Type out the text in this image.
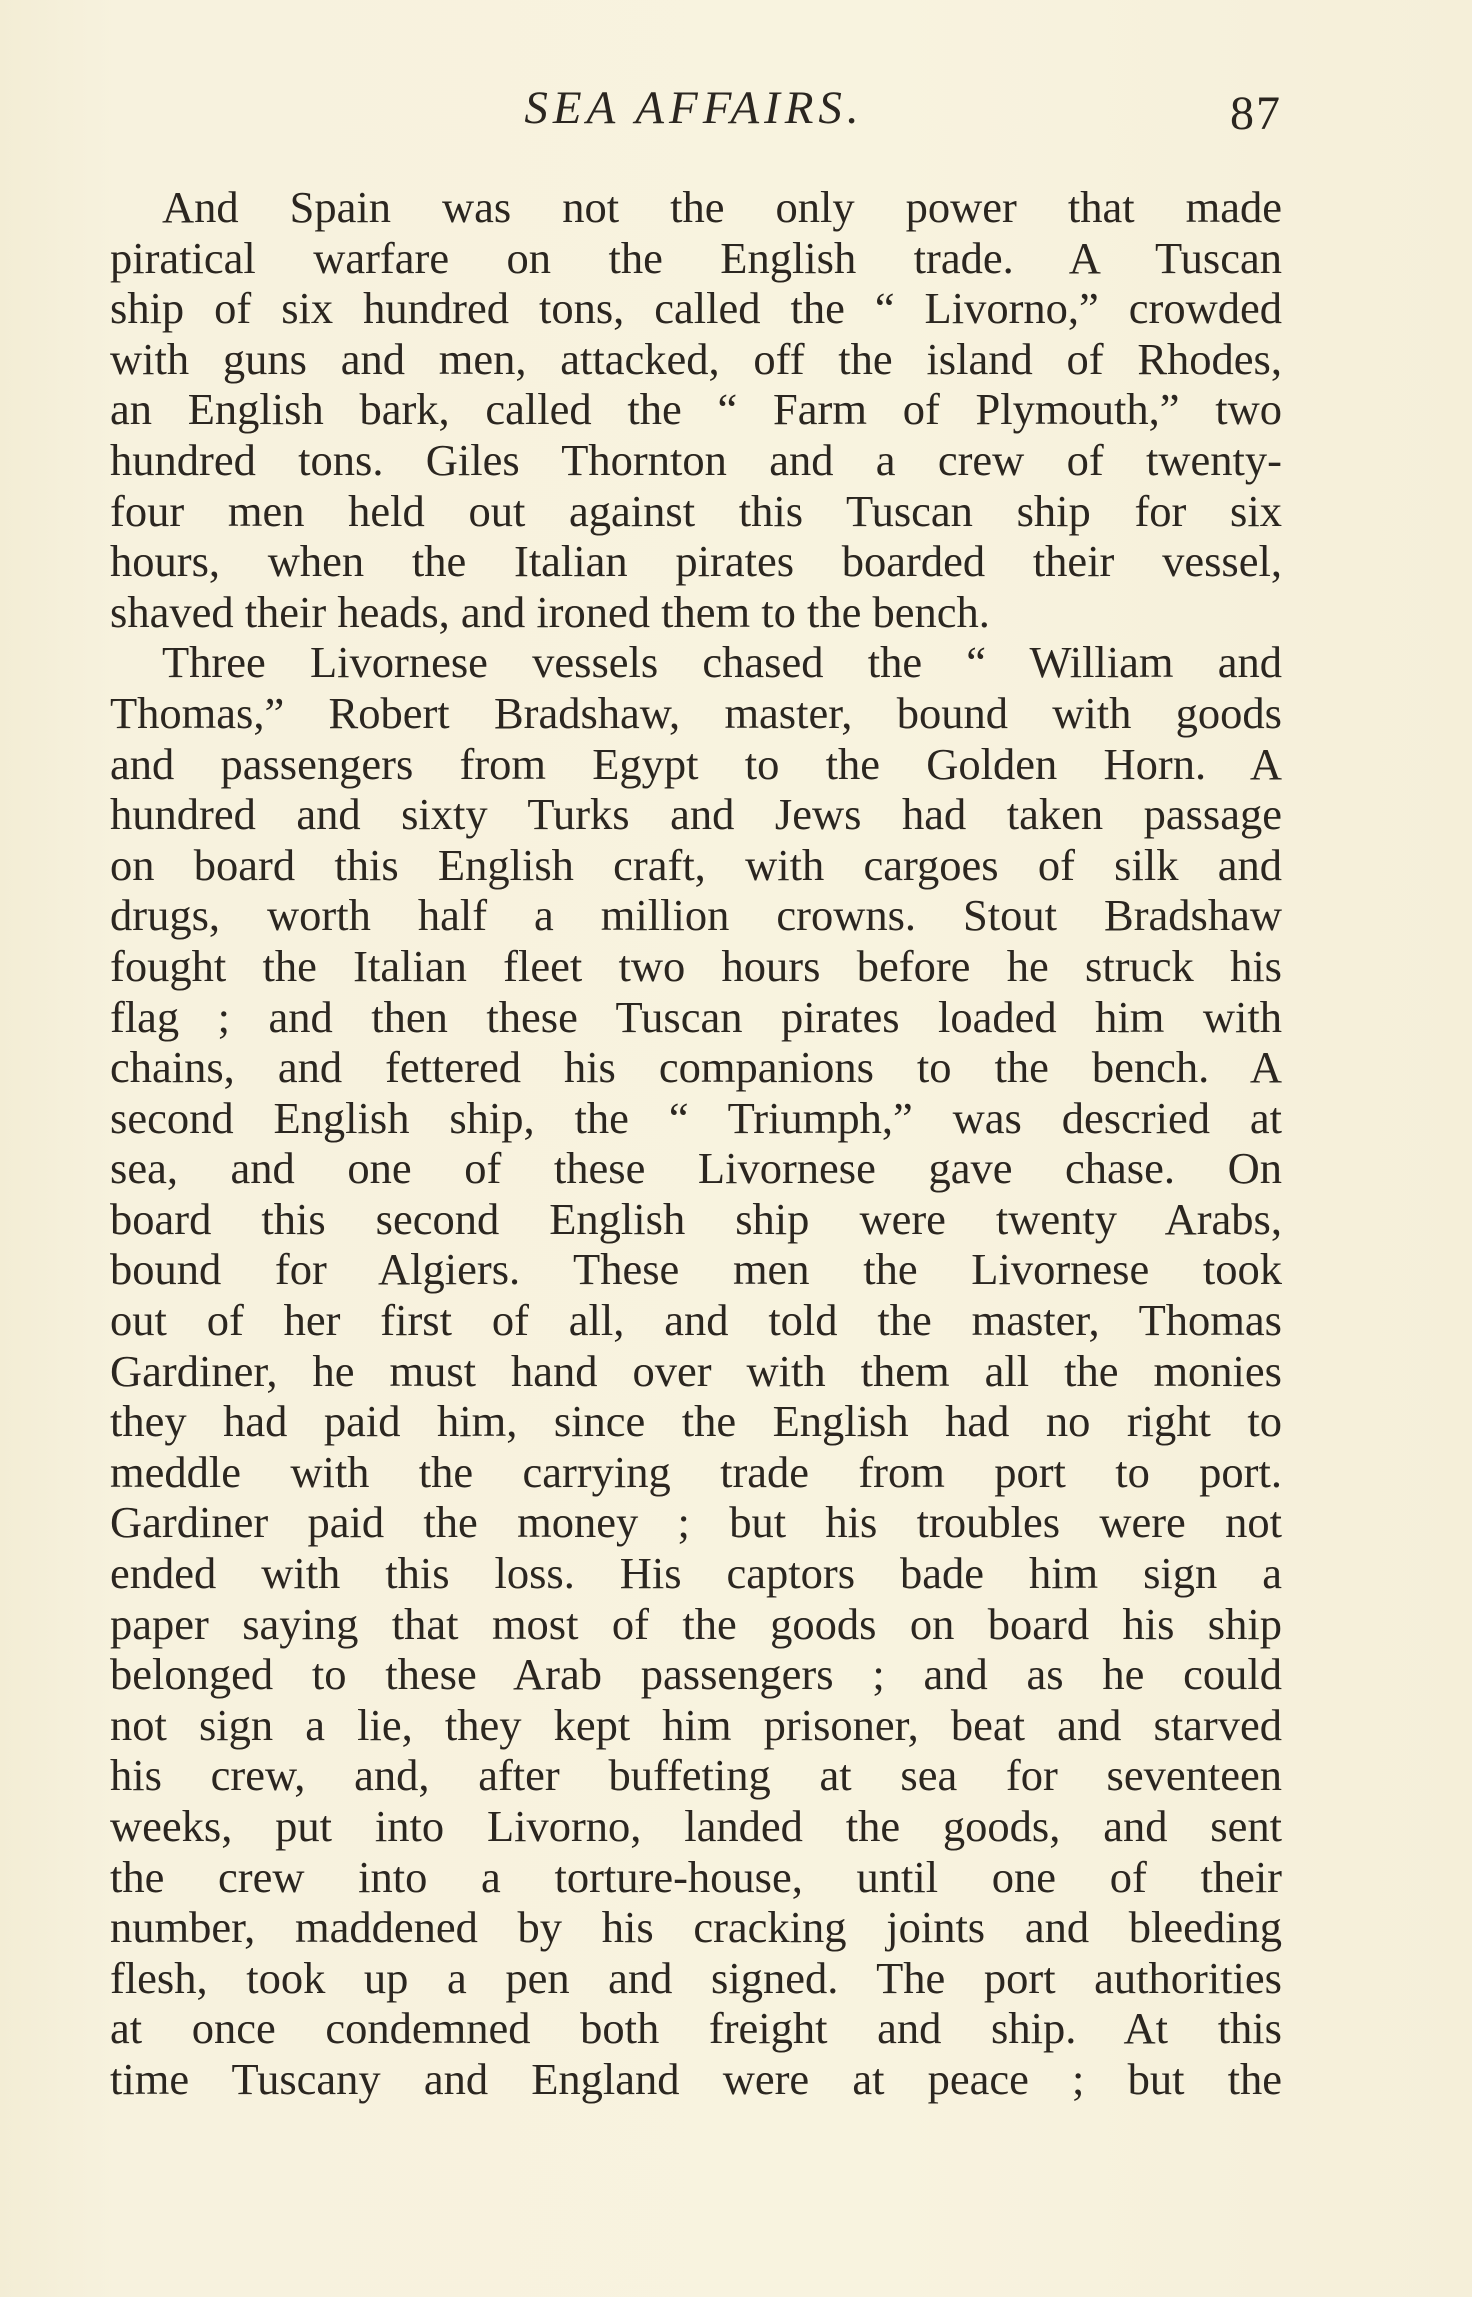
SEA AFFAIRS.	87
And Spain was not the only power that made
piratical warfare on the English trade. A Tuscan
ship of six hundred tons, called the “ Livorno,” crowded
with guns and men, attacked, off the island of Rhodes,
an English bark, called the “ Farm of Plymouth,” two
hundred tons. Giles Thornton and a crew of twenty-
four men held out against this Tuscan ship for six
hours, when the Italian pirates boarded their vessel,
shaved their heads, and ironed them to the bench.
Three Livornese vessels chased the “ William and
Thomas,” Robert Bradshaw, master, bound with goods
and passengers from Egypt to the Golden Horn. A
hundred and sixty Turks and Jews had taken passage
on board this English craft, with cargoes of silk and
drugs, worth half a million crowns. Stout Bradshaw
fought the Italian fleet two hours before he struck his
flag ; and then these Tuscan pirates loaded him with
chains, and fettered his companions to the bench. A
second English ship, the “ Triumph,” was descried at
sea, and one of these Livornese gave chase. On
board this second English ship were twenty Arabs,
bound for Algiers. These men the Livornese took
out of her first of all, and told the master, Thomas
Gardiner, he must hand over with them all the monies
they had paid him, since the English had no right to
meddle with the carrying trade from port to port.
Gardiner paid the money ; but his troubles were not
ended with this loss. His captors bade him sign a
paper saying that most of the goods on board his ship
belonged to these Arab passengers ; and as he could
not sign a lie, they kept him prisoner, beat and starved
his crew, and, after buffeting at sea for seventeen
weeks, put into Livorno, landed the goods, and sent
the crew into a torture-house, until one of their
number, maddened by his cracking joints and bleeding
flesh, took up a pen and signed. The port authorities
at once condemned both freight and ship. At this
time Tuscany and England were at peace ; but the
